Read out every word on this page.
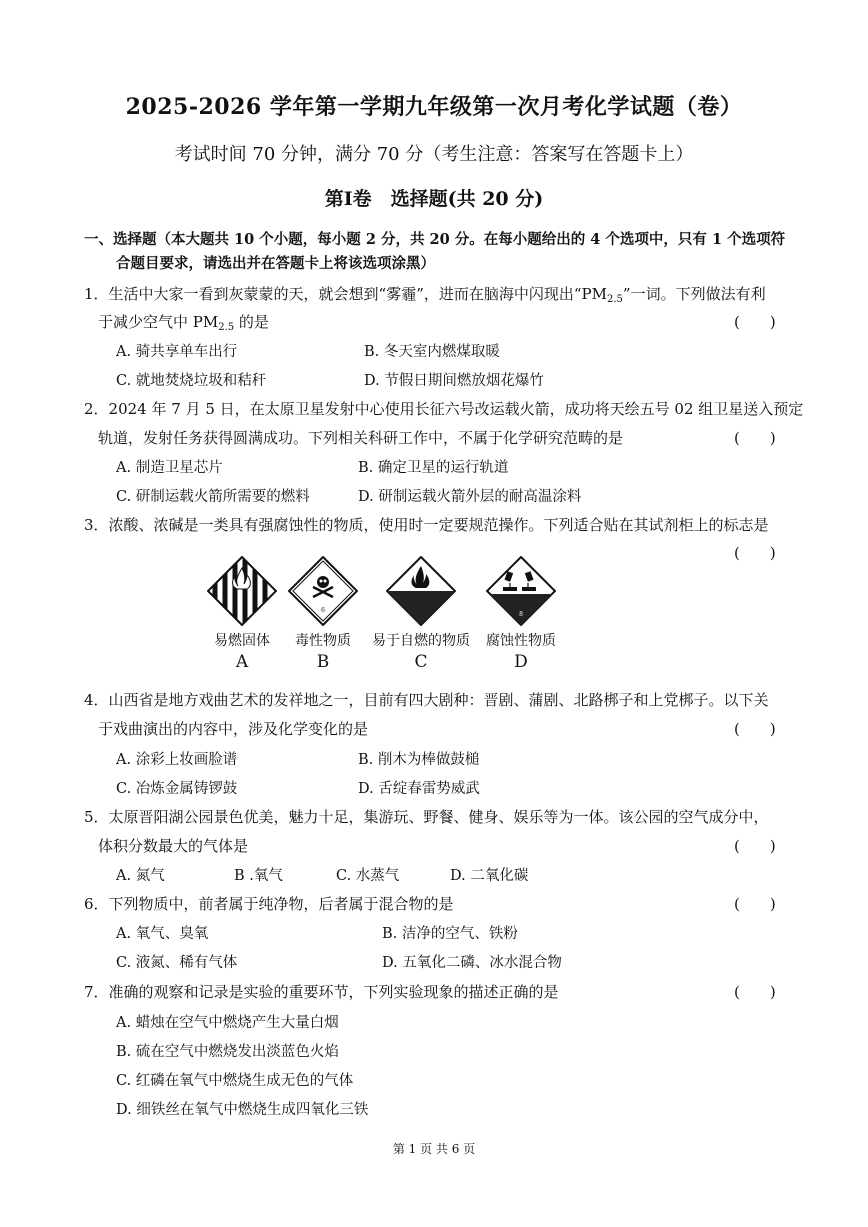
2025-2026 学年第一学期九年级第一次月考化学试题（卷）
考试时间 70 分钟，满分 70 分（考生注意：答案写在答题卡上）
第Ⅰ卷　选择题(共 20 分)
一、选择题（本大题共 10 个小题，每小题 2 分，共 20 分。在每小题给出的 4 个选项中，只有 1 个选项符
合题目要求，请选出并在答题卡上将该选项涂黑）
1．生活中大家一看到灰蒙蒙的天，就会想到“雾霾”，进而在脑海中闪现出“$PM_{2.5}$”一词。下列做法有利
于减少空气中 $PM_{2.5}$ 的是	(　　)
A. 骑共享单车出行	B. 冬天室内燃煤取暖
C. 就地焚烧垃圾和秸秆	D. 节假日期间燃放烟花爆竹
2．2024 年 7 月 5 日，在太原卫星发射中心使用长征六号改运载火箭，成功将天绘五号 02 组卫星送入预定
轨道，发射任务获得圆满成功。下列相关科研工作中，不属于化学研究范畴的是	(　　)
A. 制造卫星芯片	B. 确定卫星的运行轨道
C. 研制运载火箭所需要的燃料	D. 研制运载火箭外层的耐高温涂料
3．浓酸、浓碱是一类具有强腐蚀性的物质，使用时一定要规范操作。下列适合贴在其试剂柜上的标志是
(　　)
易燃固体
A
6
毒性物质
B
易于自燃的物质
C
8
腐蚀性物质
D
4．山西省是地方戏曲艺术的发祥地之一，目前有四大剧种：晋剧、蒲剧、北路梆子和上党梆子。以下关
于戏曲演出的内容中，涉及化学变化的是	(　　)
A. 涂彩上妆画脸谱	B. 削木为棒做鼓槌
C. 冶炼金属铸锣鼓	D. 舌绽春雷势威武
5．太原晋阳湖公园景色优美，魅力十足，集游玩、野餐、健身、娱乐等为一体。该公园的空气成分中，
体积分数最大的气体是	(　　)
A. 氮气	B .氧气	C. 水蒸气	D. 二氧化碳
6．下列物质中，前者属于纯净物，后者属于混合物的是	(　　)
A. 氧气、臭氧	B. 洁净的空气、铁粉
C. 液氮、稀有气体	D. 五氧化二磷、冰水混合物
7．准确的观察和记录是实验的重要环节，下列实验现象的描述正确的是	(　　)
A. 蜡烛在空气中燃烧产生大量白烟
B. 硫在空气中燃烧发出淡蓝色火焰
C. 红磷在氧气中燃烧生成无色的气体
D. 细铁丝在氧气中燃烧生成四氧化三铁
第 1 页 共 6 页
